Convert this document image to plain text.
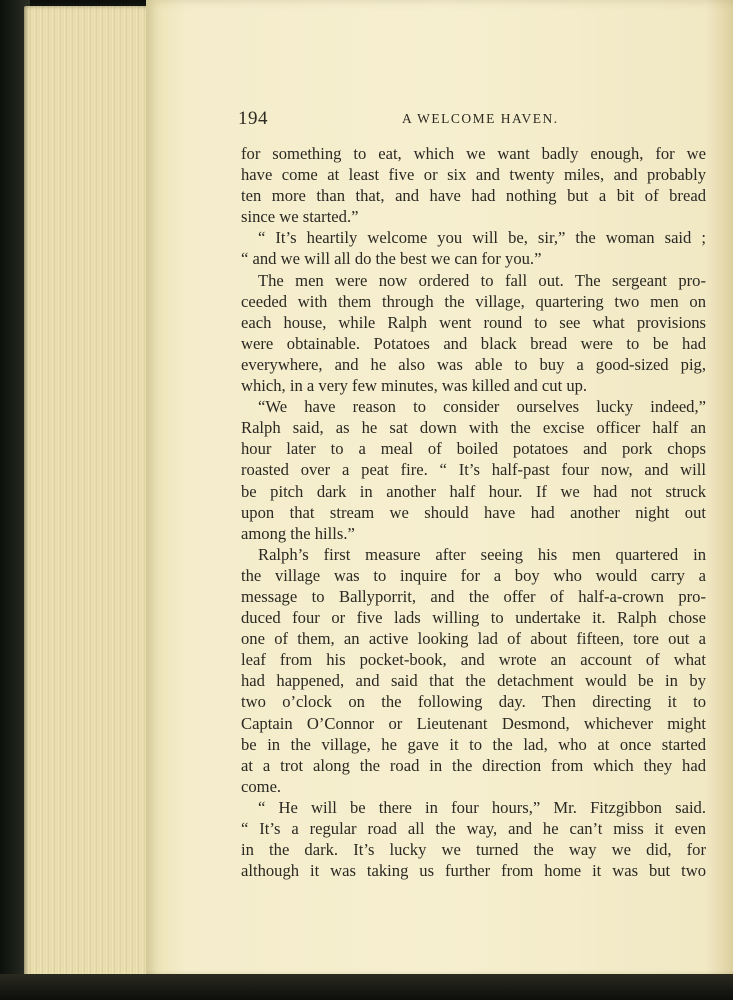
194	A WELCOME HAVEN.
for something to eat, which we want badly enough, for we
have come at least five or six and twenty miles, and probably
ten more than that, and have had nothing but a bit of bread
since we started.”
“ It’s heartily welcome you will be, sir,” the woman said ;
“ and we will all do the best we can for you.”
The men were now ordered to fall out. The sergeant pro-
ceeded with them through the village, quartering two men on
each house, while Ralph went round to see what provisions
were obtainable. Potatoes and black bread were to be had
everywhere, and he also was able to buy a good-sized pig,
which, in a very few minutes, was killed and cut up.
“We have reason to consider ourselves lucky indeed,”
Ralph said, as he sat down with the excise officer half an
hour later to a meal of boiled potatoes and pork chops
roasted over a peat fire. “ It’s half-past four now, and will
be pitch dark in another half hour. If we had not struck
upon that stream we should have had another night out
among the hills.”
Ralph’s first measure after seeing his men quartered in
the village was to inquire for a boy who would carry a
message to Ballyporrit, and the offer of half-a-crown pro-
duced four or five lads willing to undertake it. Ralph chose
one of them, an active looking lad of about fifteen, tore out a
leaf from his pocket-book, and wrote an account of what
had happened, and said that the detachment would be in by
two o’clock on the following day. Then directing it to
Captain O’Connor or Lieutenant Desmond, whichever might
be in the village, he gave it to the lad, who at once started
at a trot along the road in the direction from which they had
come.
“ He will be there in four hours,” Mr. Fitzgibbon said.
“ It’s a regular road all the way, and he can’t miss it even
in the dark. It’s lucky we turned the way we did, for
although it was taking us further from home it was but two
